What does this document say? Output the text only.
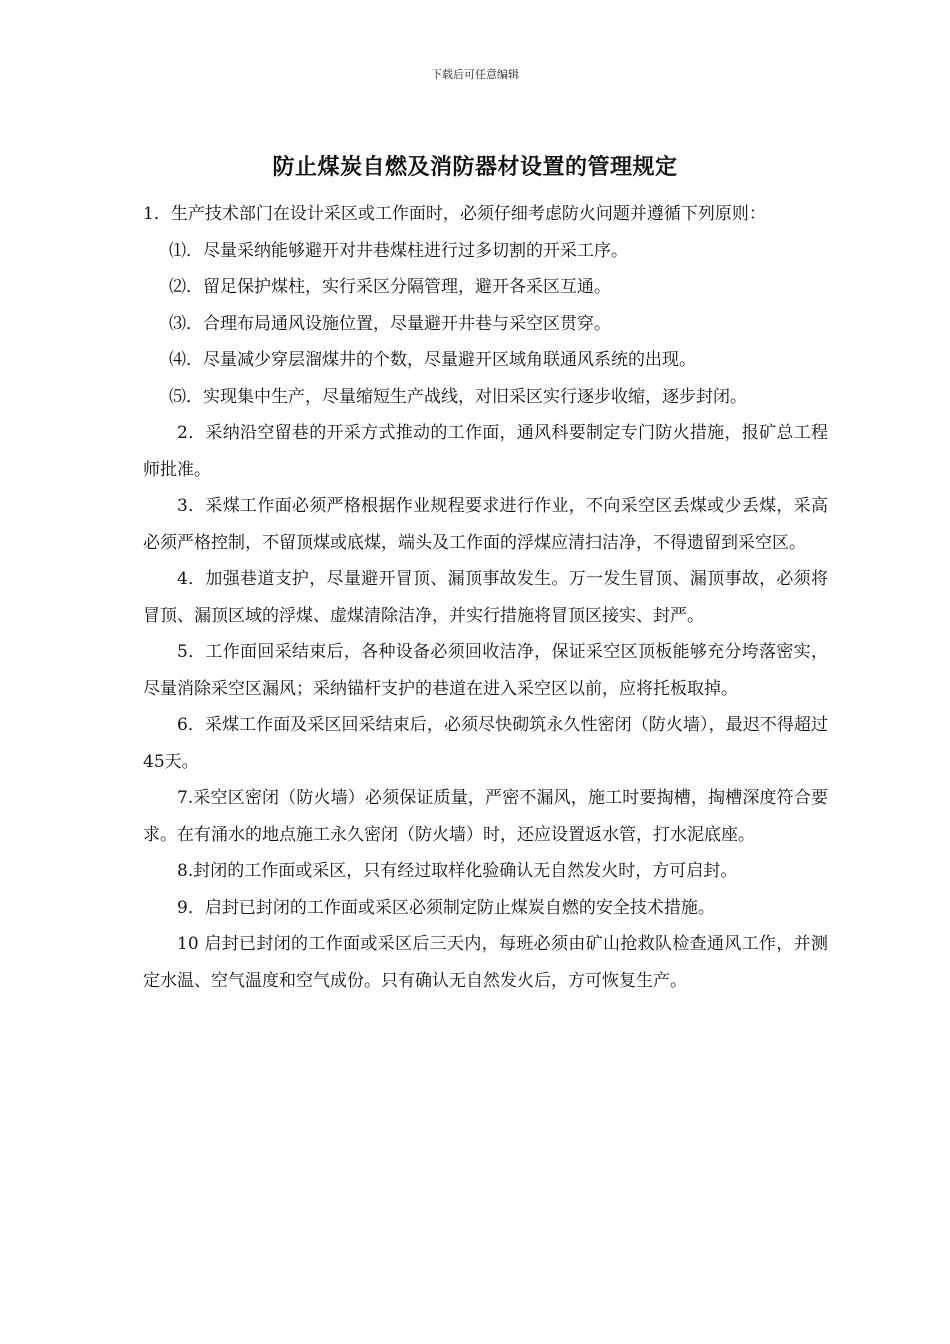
下载后可任意编辑
防止煤炭自燃及消防器材设置的管理规定

1．生产技术部门在设计采区或工作面时，必须仔细考虑防火问题并遵循下列原则：

⑴．尽量采纳能够避开对井巷煤柱进行过多切割的开采工序。

⑵．留足保护煤柱，实行采区分隔管理，避开各采区互通。

⑶．合理布局通风设施位置，尽量避开井巷与采空区贯穿。

⑷．尽量减少穿层溜煤井的个数，尽量避开区域角联通风系统的出现。

⑸．实现集中生产，尽量缩短生产战线，对旧采区实行逐步收缩，逐步封闭。

2．采纳沿空留巷的开采方式推动的工作面，通风科要制定专门防火措施，报矿总工程师批准。

3．采煤工作面必须严格根据作业规程要求进行作业，不向采空区丢煤或少丢煤，采高必须严格控制，不留顶煤或底煤，端头及工作面的浮煤应清扫洁净，不得遗留到采空区。

4．加强巷道支护，尽量避开冒顶、漏顶事故发生。万一发生冒顶、漏顶事故，必须将冒顶、漏顶区域的浮煤、虚煤清除洁净，并实行措施将冒顶区接实、封严。

5．工作面回采结束后，各种设备必须回收洁净，保证采空区顶板能够充分垮落密实，尽量消除采空区漏风；采纳锚杆支护的巷道在进入采空区以前，应将托板取掉。

6．采煤工作面及采区回采结束后，必须尽快砌筑永久性密闭（防火墙），最迟不得超过45天。

7.采空区密闭（防火墙）必须保证质量，严密不漏风，施工时要掏槽，掏槽深度符合要求。在有涌水的地点施工永久密闭（防火墙）时，还应设置返水管，打水泥底座。

8.封闭的工作面或采区，只有经过取样化验确认无自然发火时，方可启封。

9．启封已封闭的工作面或采区必须制定防止煤炭自燃的安全技术措施。

10 启封已封闭的工作面或采区后三天内，每班必须由矿山抢救队检查通风工作，并测定水温、空气温度和空气成份。只有确认无自然发火后，方可恢复生产。
